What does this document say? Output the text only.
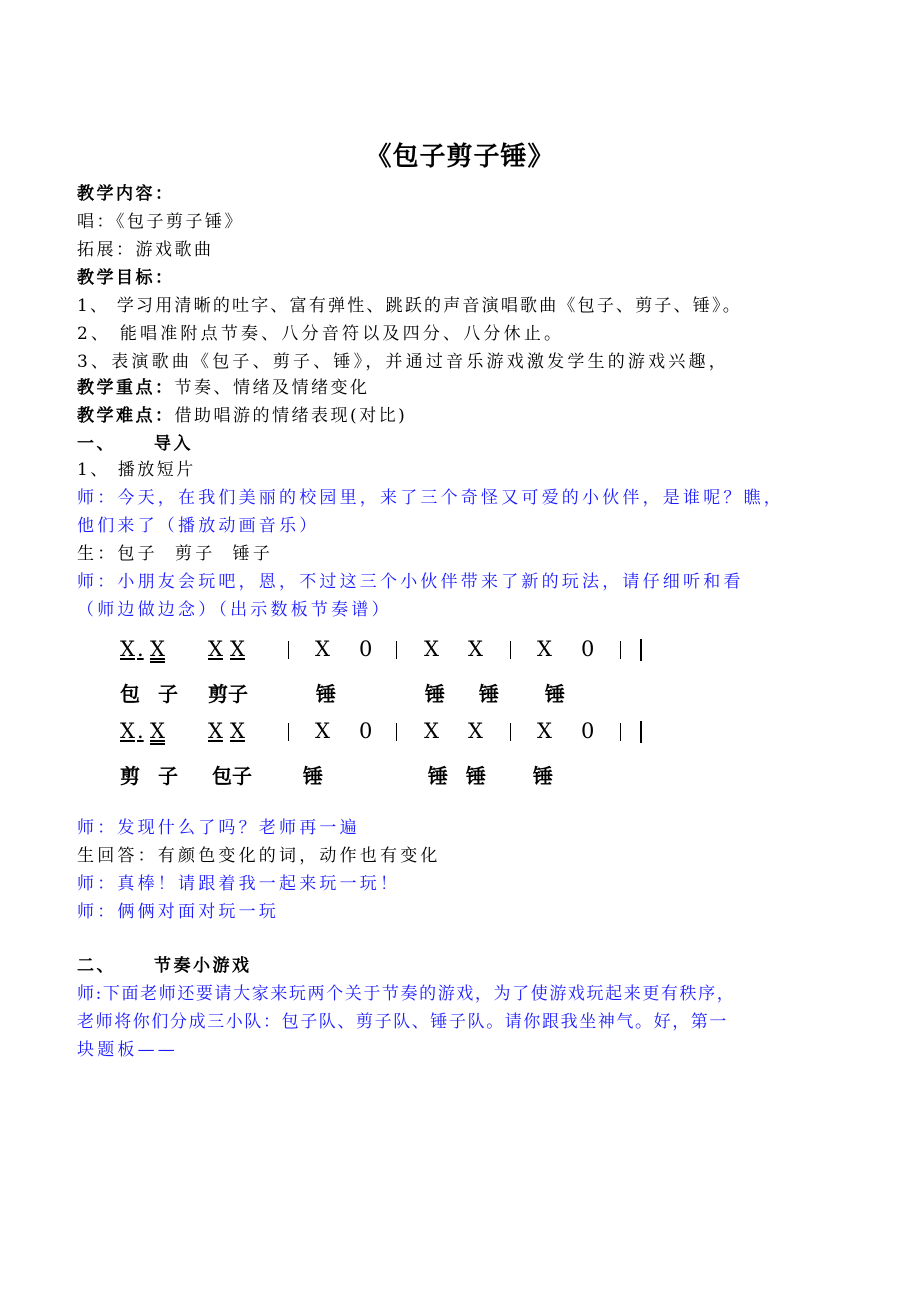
《包子剪子锤》
教学内容：
唱：《包子剪子锤》
拓展：游戏歌曲
教学目标：
1、 学习用清晰的吐字、富有弹性、跳跃的声音演唱歌曲《包子、剪子、锤》。
2、 能唱准附点节奏、八分音符以及四分、八分休止。
3、表演歌曲《包子、剪子、锤》，并通过音乐游戏激发学生的游戏兴趣，
教学重点：节奏、情绪及情绪变化
教学难点：借助唱游的情绪表现(对比)
一、 导入
1、 播放短片
师：今天，在我们美丽的校园里，来了三个奇怪又可爱的小伙伴，是谁呢？瞧，
他们来了（播放动画音乐）
生：包子  剪子  锤子
师：小朋友会玩吧，恩，不过这三个小伙伴带来了新的玩法，请仔细听和看
（师边做边念）（出示数板节奏谱）
X . X X X	X 0 X X	X 0
包 子 剪子	锤	锤 锤 锤
X . X X X	X 0 X X	X 0
剪 子 包子	锤	锤 锤 锤
师：发现什么了吗？老师再一遍
生回答：有颜色变化的词，动作也有变化
师：真棒！请跟着我一起来玩一玩！
师：俩俩对面对玩一玩
二、 节奏小游戏
师:下面老师还要请大家来玩两个关于节奏的游戏，为了使游戏玩起来更有秩序，
老师将你们分成三小队：包子队、剪子队、锤子队。请你跟我坐神气。好，第一
块题板——
